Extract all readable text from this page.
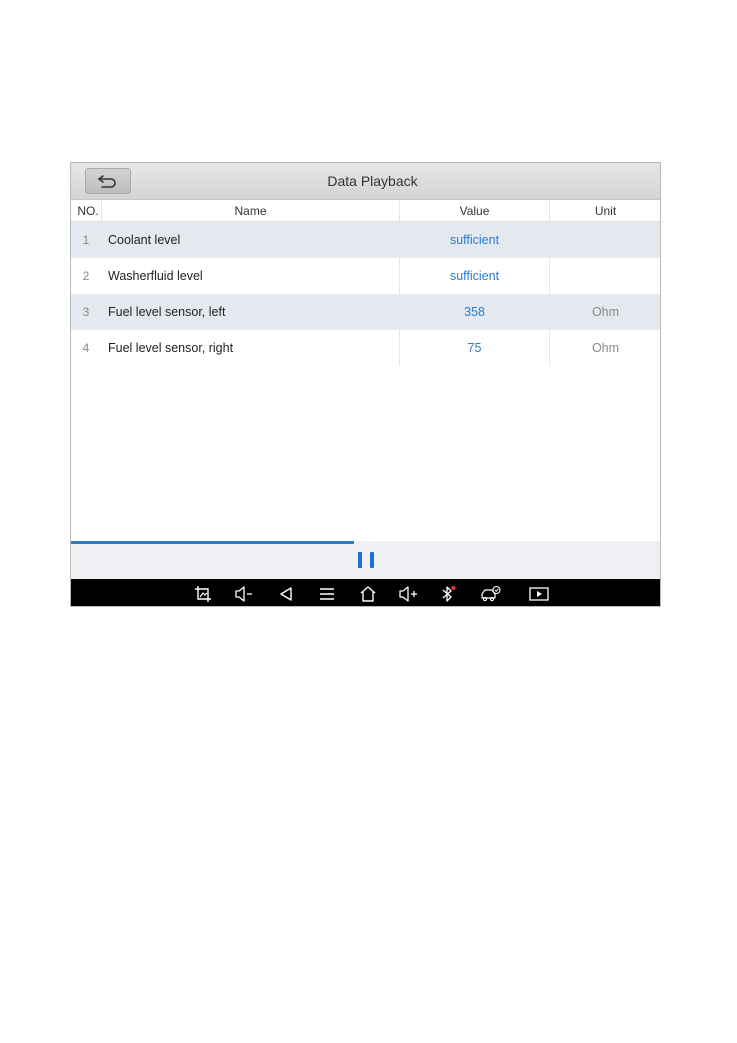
Data Playback
NO.	Name	Value	Unit
1	Coolant level	sufficient
2	Washerfluid level	sufficient
3	Fuel level sensor, left	358	Ohm
4	Fuel level sensor, right	75	Ohm
